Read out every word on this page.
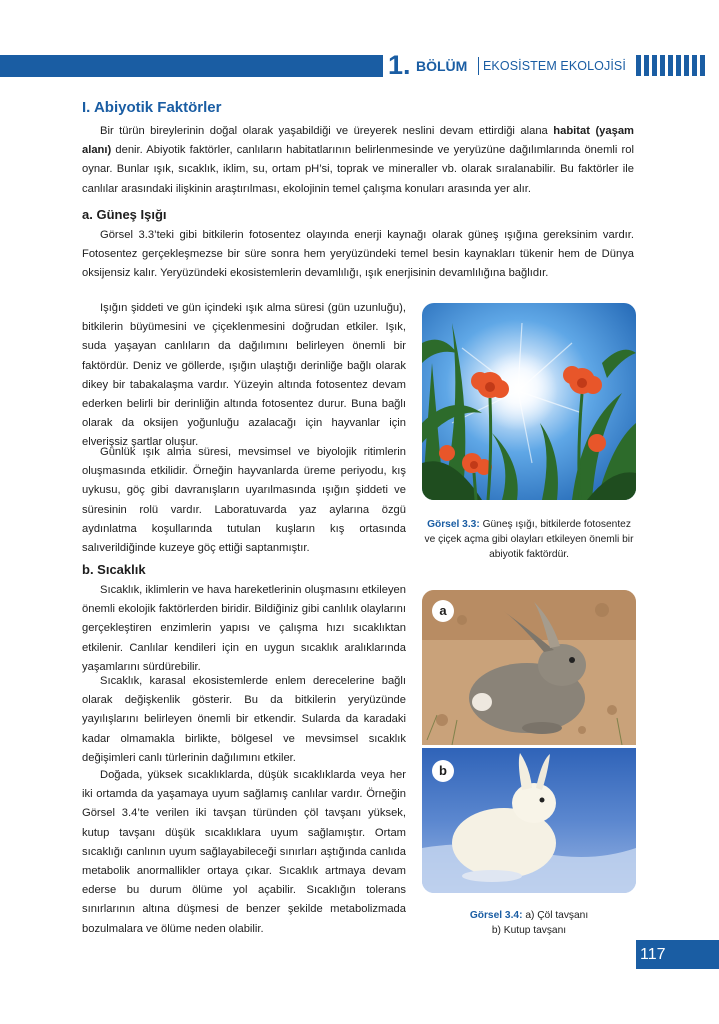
1. BÖLÜM EKOSİSTEM EKOLOJİSİ
I. Abiyotik Faktörler

Bir türün bireylerinin doğal olarak yaşabildiği ve üreyerek neslini devam ettirdiği alana habitat (yaşam alanı) denir. Abiyotik faktörler, canlıların habitatlarının belirlenmesinde ve yeryüzüne dağılımlarında önemli rol oynar. Bunlar ışık, sıcaklık, iklim, su, ortam pH’si, toprak ve mineraller vb. olarak sıralanabilir. Bu faktörler ile canlılar arasındaki ilişkinin araştırılması, ekolojinin temel çalışma konuları arasında yer alır.

a. Güneş Işığı

Görsel 3.3’teki gibi bitkilerin fotosentez olayında enerji kaynağı olarak güneş ışığına gereksinim vardır. Fotosentez gerçekleşmezse bir süre sonra hem yeryüzündeki temel besin kaynakları tükenir hem de Dünya oksijensiz kalır. Yeryüzündeki ekosistemlerin devamlılığı, ışık enerjisinin devamlılığına bağlıdır.

Işığın şiddeti ve gün içindeki ışık alma süresi (gün uzunluğu), bitkilerin büyümesini ve çiçeklenmesini doğrudan etkiler. Işık, suda yaşayan canlıların da dağılımını belirleyen önemli bir faktördür. Deniz ve göllerde, ışığın ulaştığı derinliğe bağlı olarak dikey bir tabakalaşma vardır. Yüzeyin altında fotosentez devam ederken belirli bir derinliğin altında fotosentez durur. Buna bağlı olarak da oksijen yoğunluğu azalacağı için hayvanlar için elverişsiz şartlar oluşur.

Günlük ışık alma süresi, mevsimsel ve biyolojik ritimlerin oluşmasında etkilidir. Örneğin hayvanlarda üreme periyodu, kış uykusu, göç gibi davranışların uyarılmasında ışığın şiddeti ve süresinin rolü vardır. Laboratuvarda yaz aylarına özgü aydınlatma koşullarında tutulan kuşların kış ortasında salıverildiğinde kuzeye göç ettiği saptanmıştır.

Görsel 3.3: Güneş ışığı, bitkilerde fotosentez ve çiçek açma gibi olayları etkileyen önemli bir abiyotik faktördür.

b. Sıcaklık

Sıcaklık, iklimlerin ve hava hareketlerinin oluşmasını etkileyen önemli ekolojik faktörlerden biridir. Bildiğiniz gibi canlılık olaylarını gerçekleştiren enzimlerin yapısı ve çalışma hızı sıcaklıktan etkilenir. Canlılar kendileri için en uygun sıcaklık aralıklarında yaşamlarını sürdürebilir.

Sıcaklık, karasal ekosistemlerde enlem derecelerine bağlı olarak değişkenlik gösterir. Bu da bitkilerin yeryüzünde yayılışlarını belirleyen önemli bir etkendir. Sularda da karadaki kadar olmamakla birlikte, bölgesel ve mevsimsel sıcaklık değişimleri canlı türlerinin dağılımını etkiler.

Doğada, yüksek sıcaklıklarda, düşük sıcaklıklarda veya her iki ortamda da yaşamaya uyum sağlamış canlılar vardır. Örneğin Görsel 3.4’te verilen iki tavşan türünden çöl tavşanı yüksek, kutup tavşanı düşük sıcaklıklara uyum sağlamıştır. Ortam sıcaklığı canlının uyum sağlayabileceği sınırları aştığında canlıda metabolik anormallikler ortaya çıkar. Sıcaklık artmaya devam ederse bu durum ölüme yol açabilir. Sıcaklığın tolerans sınırlarının altına düşmesi de benzer şekilde metabolizmada bozulmalara ve ölüme neden olabilir.

a
b

Görsel 3.4: a) Çöl tavşanı
b) Kutup tavşanı

117
